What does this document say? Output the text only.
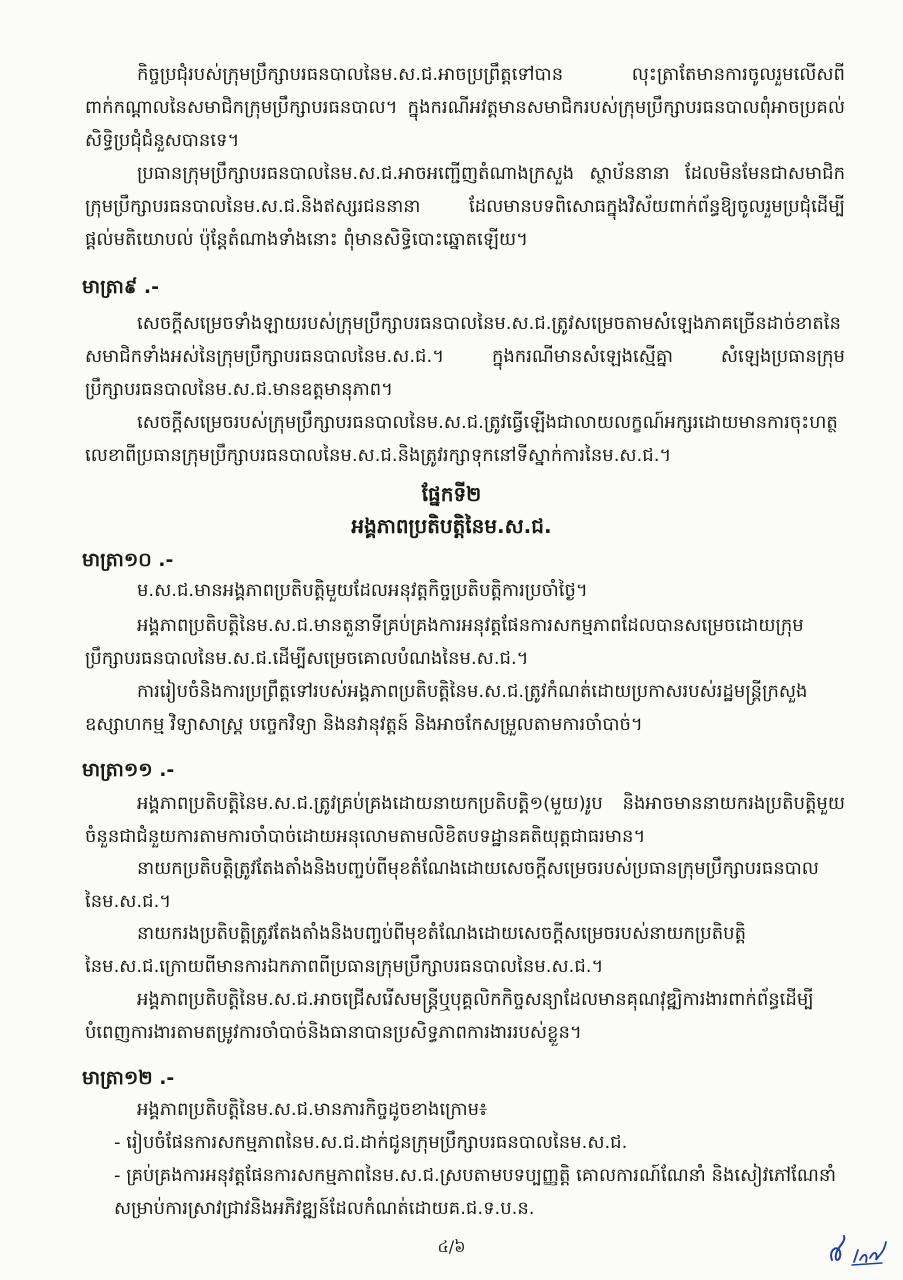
កិច្ចប្រជុំរបស់ក្រុមប្រឹក្សាបរធនបាលនៃម.ស.ជ.អាចប្រព្រឹត្តទៅបាន លុះត្រាតែមានការចូលរួមលើសពីពាក់កណ្ដាលនៃសមាជិកក្រុមប្រឹក្សាបរធនបាល។ ក្នុងករណីអវត្តមានសមាជិករបស់ក្រុមប្រឹក្សាបរធនបាលពុំអាចប្រគល់សិទ្ធិប្រជុំជំនួសបានទេ។

ប្រធានក្រុមប្រឹក្សាបរធនបាលនៃម.ស.ជ.អាចអញ្ជើញតំណាងក្រសួង ស្ថាប័ននានា ដែលមិនមែនជាសមាជិកក្រុមប្រឹក្សាបរធនបាលនៃម.ស.ជ.និងឥស្សរជននានា ដែលមានបទពិសោធក្នុងវិស័យពាក់ព័ន្ធឱ្យចូលរួមប្រជុំដើម្បីផ្ដល់មតិយោបល់ ប៉ុន្តែតំណាងទាំងនោះ ពុំមានសិទ្ធិបោះឆ្នោតឡើយ។

មាត្រា៩ .-

សេចក្ដីសម្រេចទាំងឡាយរបស់ក្រុមប្រឹក្សាបរធនបាលនៃម.ស.ជ.ត្រូវសម្រេចតាមសំឡេងភាគច្រើនដាច់ខាតនៃសមាជិកទាំងអស់នៃក្រុមប្រឹក្សាបរធនបាលនៃម.ស.ជ.។ ក្នុងករណីមានសំឡេងស្មើគ្នា សំឡេងប្រធានក្រុមប្រឹក្សាបរធនបាលនៃម.ស.ជ.មានឧត្តមានុភាព។

សេចក្ដីសម្រេចរបស់ក្រុមប្រឹក្សាបរធនបាលនៃម.ស.ជ.ត្រូវធ្វើឡើងជាលាយលក្ខណ៍អក្សរដោយមានការចុះហត្ថលេខាពីប្រធានក្រុមប្រឹក្សាបរធនបាលនៃម.ស.ជ.និងត្រូវរក្សាទុកនៅទីស្នាក់ការនៃម.ស.ជ.។

ផ្នែកទី២

អង្គភាពប្រតិបត្តិនៃម.ស.ជ.

មាត្រា១០ .-

ម.ស.ជ.មានអង្គភាពប្រតិបត្តិមួយដែលអនុវត្តកិច្ចប្រតិបត្តិការប្រចាំថ្ងៃ។

អង្គភាពប្រតិបត្តិនៃម.ស.ជ.មានតួនាទីគ្រប់គ្រងការអនុវត្តផែនការសកម្មភាពដែលបានសម្រេចដោយក្រុមប្រឹក្សាបរធនបាលនៃម.ស.ជ.ដើម្បីសម្រេចគោលបំណងនៃម.ស.ជ.។

ការរៀបចំនិងការប្រព្រឹត្តទៅរបស់អង្គភាពប្រតិបត្តិនៃម.ស.ជ.ត្រូវកំណត់ដោយប្រកាសរបស់រដ្ឋមន្ត្រីក្រសួងឧស្សាហកម្ម វិទ្យាសាស្ត្រ បច្ចេកវិទ្យា និងនវានុវត្តន៍ និងអាចកែសម្រួលតាមការចាំបាច់។

មាត្រា១១ .-

អង្គភាពប្រតិបត្តិនៃម.ស.ជ.ត្រូវគ្រប់គ្រងដោយនាយកប្រតិបត្តិ១(មួយ)រូប និងអាចមាននាយករងប្រតិបត្តិមួយចំនួនជាជំនួយការតាមការចាំបាច់ដោយអនុលោមតាមលិខិតបទដ្ឋានគតិយុត្តជាធរមាន។

នាយកប្រតិបត្តិត្រូវតែងតាំងនិងបញ្ចប់ពីមុខតំណែងដោយសេចក្ដីសម្រេចរបស់ប្រធានក្រុមប្រឹក្សាបរធនបាលនៃម.ស.ជ.។

នាយករងប្រតិបត្តិត្រូវតែងតាំងនិងបញ្ចប់ពីមុខតំណែងដោយសេចក្ដីសម្រេចរបស់នាយកប្រតិបត្តិនៃម.ស.ជ.ក្រោយពីមានការឯកភាពពីប្រធានក្រុមប្រឹក្សាបរធនបាលនៃម.ស.ជ.។

អង្គភាពប្រតិបត្តិនៃម.ស.ជ.អាចជ្រើសរើសមន្ត្រីឬបុគ្គលិកកិច្ចសន្យាដែលមានគុណវុឌ្ឍិការងារពាក់ព័ន្ធដើម្បីបំពេញការងារតាមតម្រូវការចាំបាច់និងធានាបានប្រសិទ្ធភាពការងាររបស់ខ្លួន។

មាត្រា១២ .-

អង្គភាពប្រតិបត្តិនៃម.ស.ជ.មានភារកិច្ចដូចខាងក្រោម៖

- រៀបចំផែនការសកម្មភាពនៃម.ស.ជ.ដាក់ជូនក្រុមប្រឹក្សាបរធនបាលនៃម.ស.ជ.

- គ្រប់គ្រងការអនុវត្តផែនការសកម្មភាពនៃម.ស.ជ.ស្របតាមបទប្បញ្ញត្តិ គោលការណ៍ណែនាំ និងសៀវភៅណែនាំសម្រាប់ការស្រាវជ្រាវនិងអភិវឌ្ឍន៍ដែលកំណត់ដោយគ.ជ.ទ.ប.ន.

៤/៦
